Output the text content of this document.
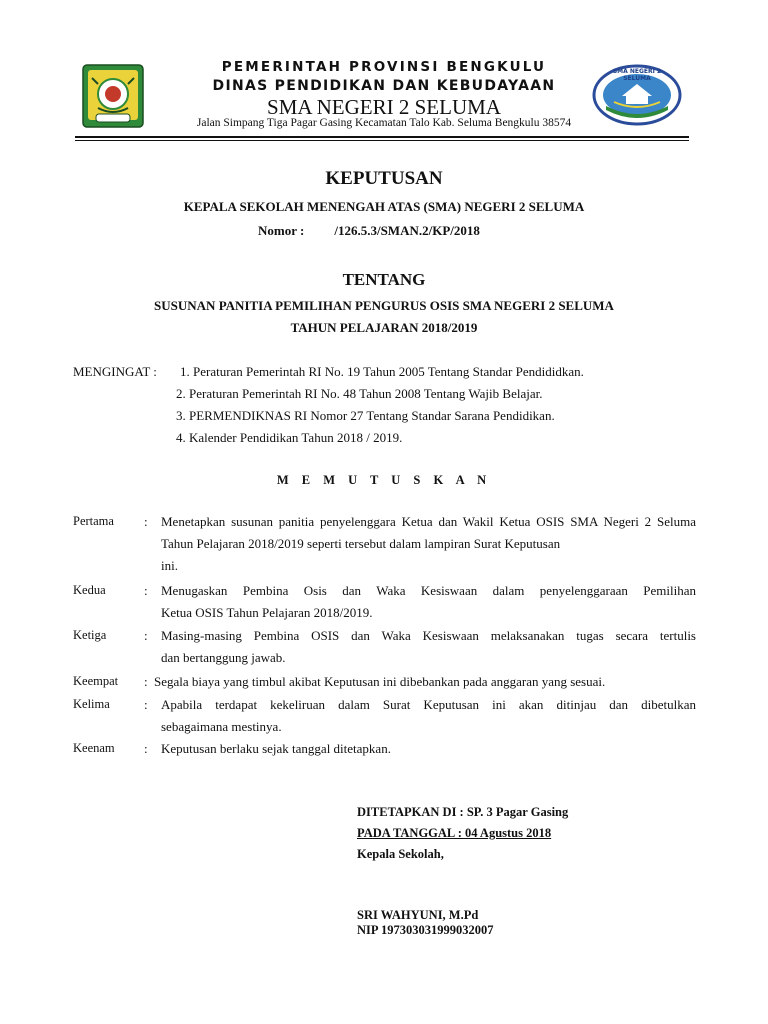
SMA NEGERI 2 SELUMA
PEMERINTAH PROVINSI BENGKULU
DINAS PENDIDIKAN DAN KEBUDAYAAN
SMA NEGERI 2 SELUMA
Jalan Simpang Tiga Pagar Gasing Kecamatan Talo Kab. Seluma Bengkulu 38574
KEPUTUSAN
KEPALA SEKOLAH MENENGAH ATAS (SMA) NEGERI 2 SELUMA
Nomor : /126.5.3/SMAN.2/KP/2018
TENTANG
SUSUNAN PANITIA PEMILIHAN PENGURUS OSIS SMA NEGERI 2 SELUMA
TAHUN PELAJARAN 2018/2019
MENGINGAT : 1. Peraturan Pemerintah RI No. 19 Tahun 2005 Tentang Standar Pendididkan.
2. Peraturan Pemerintah RI No. 48 Tahun 2008 Tentang Wajib Belajar.
3. PERMENDIKNAS RI Nomor 27 Tentang Standar Sarana Pendidikan.
4. Kalender Pendidikan Tahun 2018 / 2019.
M E M U T U S K A N
Pertama : Menetapkan susunan panitia penyelenggara Ketua dan Wakil Ketua OSIS SMA Negeri 2 Seluma Tahun Pelajaran 2018/2019 seperti tersebut dalam lampiran Surat Keputusan
ini.
Kedua	: Menugaskan Pembina Osis dan Waka Kesiswaan dalam penyelenggaraan Pemilihan
Ketua OSIS Tahun Pelajaran 2018/2019.
Ketiga	: Masing-masing Pembina OSIS dan Waka Kesiswaan melaksanakan tugas secara tertulis
dan bertanggung jawab.
Keempat : Segala biaya yang timbul akibat Keputusan ini dibebankan pada anggaran yang sesuai.
Kelima	: Apabila terdapat kekeliruan dalam Surat Keputusan ini akan ditinjau dan dibetulkan
sebagaimana mestinya.
Keenam : Keputusan berlaku sejak tanggal ditetapkan.
DITETAPKAN DI : SP. 3 Pagar Gasing
PADA TANGGAL : 04 Agustus 2018
Kepala Sekolah,
SRI WAHYUNI, M.Pd
NIP 197303031999032007
